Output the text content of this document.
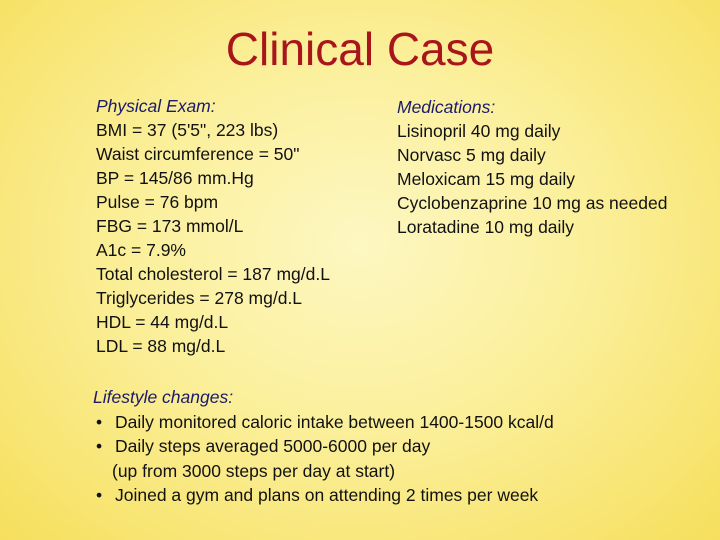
Clinical Case
Physical Exam:
BMI = 37 (5'5", 223 lbs)
Waist circumference = 50"
BP = 145/86 mm.Hg
Pulse = 76 bpm
FBG = 173 mmol/L
A1c = 7.9%
Total cholesterol = 187 mg/d.L
Triglycerides = 278 mg/d.L
HDL = 44 mg/d.L
LDL = 88 mg/d.L
Medications:
Lisinopril 40 mg daily
Norvasc 5 mg daily
Meloxicam 15 mg daily
Cyclobenzaprine 10 mg as needed
Loratadine 10 mg daily
Lifestyle changes:
• Daily monitored caloric intake between 1400-1500 kcal/d
• Daily steps averaged 5000-6000 per day
(up from 3000 steps per day at start)
• Joined a gym and plans on attending 2 times per week
